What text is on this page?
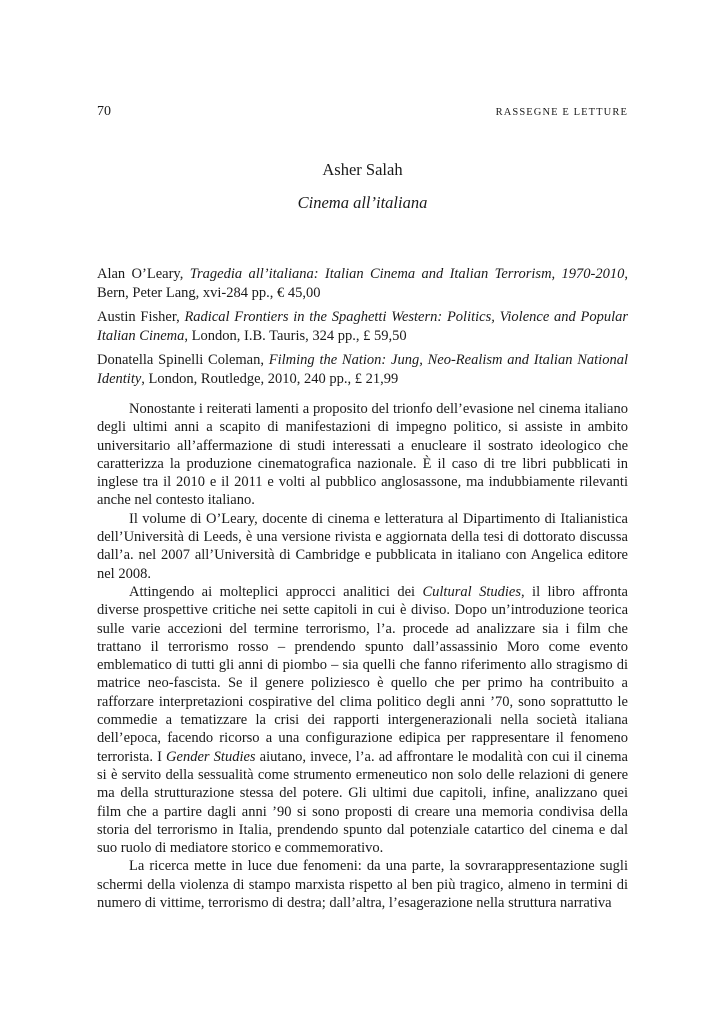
70	RASSEGNE E LETTURE
Asher Salah
Cinema all’italiana

Alan O’Leary, Tragedia all’italiana: Italian Cinema and Italian Terrorism, 1970-2010, Bern, Peter Lang, xvi-284 pp., € 45,00

Austin Fisher, Radical Frontiers in the Spaghetti Western: Politics, Violence and Popular Italian Cinema, London, I.B. Tauris, 324 pp., £ 59,50

Donatella Spinelli Coleman, Filming the Nation: Jung, Neo-Realism and Italian National Identity, London, Routledge, 2010, 240 pp., £ 21,99

Nonostante i reiterati lamenti a proposito del trionfo dell’evasione nel cinema italiano degli ultimi anni a scapito di manifestazioni di impegno politico, si assiste in ambito universitario all’affermazione di studi interessati a enucleare il sostrato ideologico che caratterizza la produzione cinematografica nazionale. È il caso di tre libri pubblicati in inglese tra il 2010 e il 2011 e volti al pubblico anglosassone, ma indubbiamente rilevanti anche nel contesto italiano.

Il volume di O’Leary, docente di cinema e letteratura al Dipartimento di Italianistica dell’Università di Leeds, è una versione rivista e aggiornata della tesi di dottorato discussa dall’a. nel 2007 all’Università di Cambridge e pubblicata in italiano con Angelica editore nel 2008.

Attingendo ai molteplici approcci analitici dei Cultural Studies, il libro affronta diverse prospettive critiche nei sette capitoli in cui è diviso. Dopo un’introduzione teorica sulle varie accezioni del termine terrorismo, l’a. procede ad analizzare sia i film che trattano il terrorismo rosso – prendendo spunto dall’assassinio Moro come evento emblematico di tutti gli anni di piombo – sia quelli che fanno riferimento allo stragismo di matrice neo-fascista. Se il genere poliziesco è quello che per primo ha contribuito a rafforzare interpretazioni cospirative del clima politico degli anni ’70, sono soprattutto le commedie a tematizzare la crisi dei rapporti intergenerazionali nella società italiana dell’epoca, facendo ricorso a una configurazione edipica per rappresentare il fenomeno terrorista. I Gender Studies aiutano, invece, l’a. ad affrontare le modalità con cui il cinema si è servito della sessualità come strumento ermeneutico non solo delle relazioni di genere ma della strutturazione stessa del potere. Gli ultimi due capitoli, infine, analizzano quei film che a partire dagli anni ’90 si sono proposti di creare una memoria condivisa della storia del terrorismo in Italia, prendendo spunto dal potenziale catartico del cinema e dal suo ruolo di mediatore storico e commemorativo.

La ricerca mette in luce due fenomeni: da una parte, la sovrarappresentazione sugli schermi della violenza di stampo marxista rispetto al ben più tragico, almeno in termini di numero di vittime, terrorismo di destra; dall’altra, l’esagerazione nella struttura narrativa
